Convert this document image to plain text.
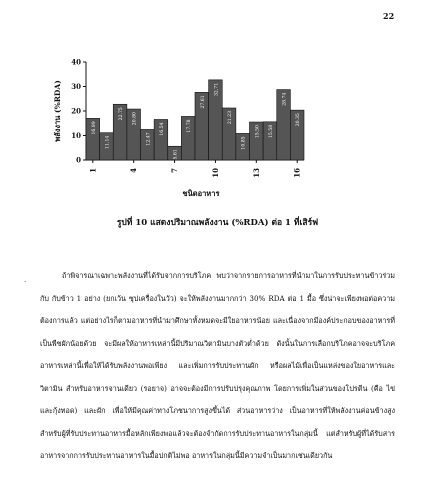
22
0
10
20
30
40
1	4	7	10	13	16
พลังงาน (%RDA)
ชนิดอาหาร
16.99
11.14
22.75 20.80
12.47
16.54
5.61
17.78
27.61
32.71
21.23
10.85
15.50 15.58
28.74
20.35
รูปที่ 10 แสดงปริมาณพลังงาน (%RDA) ต่อ 1 ที่เสิร์ฟ
·

ถ้าพิจารณาเฉพาะพลังงานที่ได้รับจากการบริโภค พบว่าจากรายการอาหารที่นำมาในการรับประทานข้าวร่วมกับ กับข้าว 1 อย่าง (ยกเว้น ซุปเครื่องในวัว) จะให้พลังงานมากกว่า 30% RDA ต่อ 1 มื้อ ซึ่งน่าจะเพียงพอต่อความต้องการแล้ว แต่อย่างไรก็ตามอาหารที่นำมาศึกษาทั้งหมดจะมีใยอาหารน้อย และเนื่องจากมีองค์ประกอบของอาหารที่เป็นพืชผักน้อยด้วย จะมีผลให้อาหารเหล่านี้มีปริมาณวิตามินบางตัวต่ำด้วย ดังนั้นในการเลือกบริโภคอาจจะบริโภคอาหารเหล่านี้เพื่อให้ได้รับพลังงานพอเพียง และเพิ่มการรับประทานผัก หรือผลไม้เพื่อเป็นแหล่งของใยอาหารและวิตามิน สำหรับอาหารจานเดียว (รอยาจ) อาจจะต้องมีการปรับปรุงคุณภาพ โดยการเพิ่มในส่วนของโปรตีน (คือ ไข่ และกุ้งทอด) และผัก เพื่อให้มีคุณค่าทางโภชนาการสูงขึ้นได้ ส่วนอาหารว่าง เป็นอาหารที่ให้พลังงานค่อนข้างสูง สำหรับผู้ที่รับประทานอาหารมื้อหลักเพียงพอแล้วจะต้องจำกัดการรับประทานอาหารในกลุ่มนี้ แต่สำหรับผู้ที่ได้รับสารอาหารจากการรับประทานอาหารในมื้อปกติไม่พอ อาหารในกลุ่มนี้มีความจำเป็นมากเช่นเดียวกัน
